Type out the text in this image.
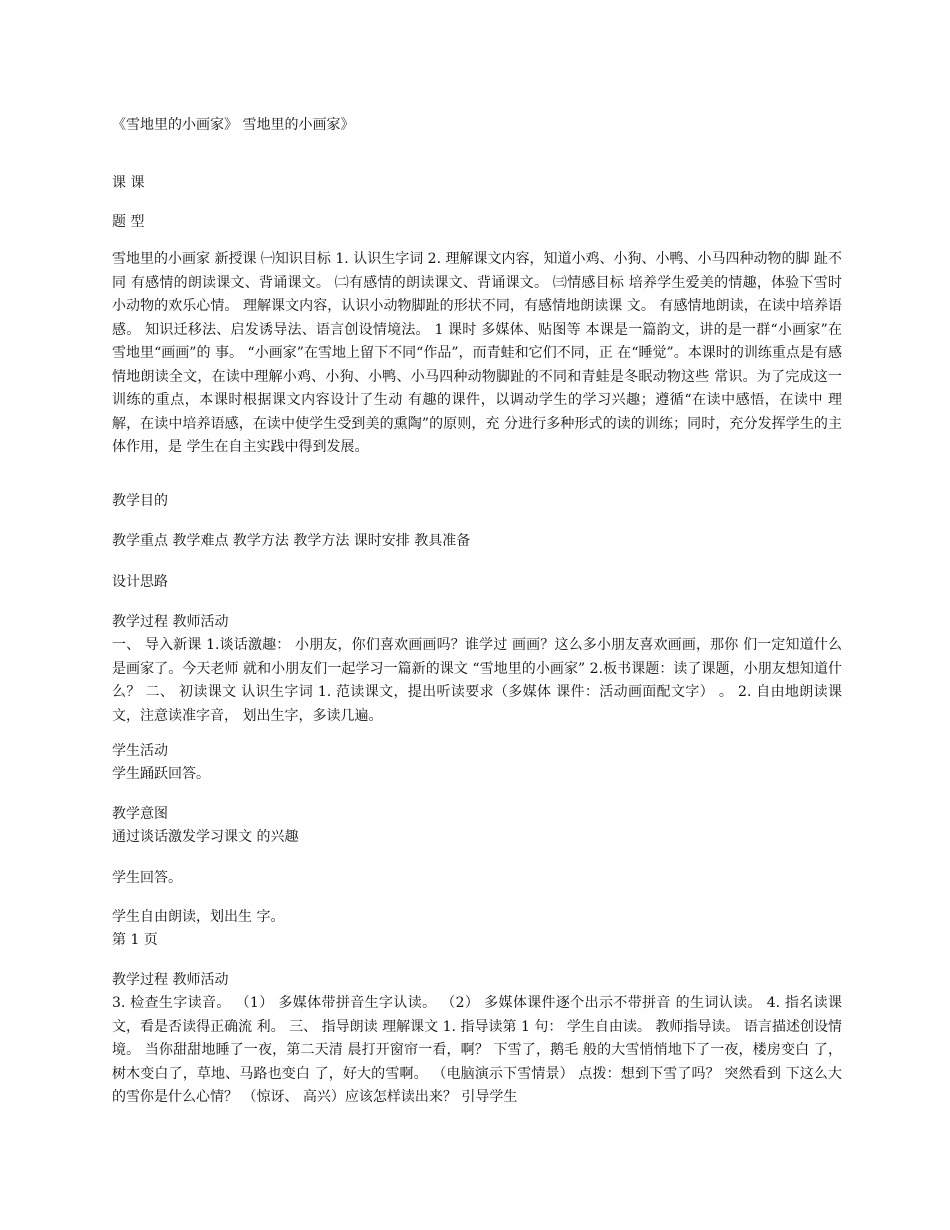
《雪地里的小画家》 雪地里的小画家》

课 课

题 型

雪地里的小画家 新授课 ㈠知识目标 1. 认识生字词 2. 理解课文内容，知道小鸡、小狗、小鸭、小马四种动物的脚 趾不同 有感情的朗读课文、背诵课文。 ㈡有感情的朗读课文、背诵课文。 ㈢情感目标 培养学生爱美的情趣，体验下雪时小动物的欢乐心情。 理解课文内容，认识小动物脚趾的形状不同，有感情地朗读课 文。 有感情地朗读，在读中培养语感。 知识迁移法、启发诱导法、语言创设情境法。 1 课时 多媒体、贴图等 本课是一篇韵文，讲的是一群“小画家”在雪地里“画画”的 事。 “小画家”在雪地上留下不同“作品”，而青蛙和它们不同，正 在“睡觉”。本课时的训练重点是有感情地朗读全文，在读中理解小鸡、小狗、小鸭、小马四种动物脚趾的不同和青蛙是冬眠动物这些 常识。为了完成这一训练的重点，本课时根据课文内容设计了生动 有趣的课件，以调动学生的学习兴趣；遵循“在读中感悟，在读中 理解，在读中培养语感，在读中使学生受到美的熏陶”的原则，充 分进行多种形式的读的训练；同时，充分发挥学生的主体作用，是 学生在自主实践中得到发展。

教学目的

教学重点 教学难点 教学方法 教学方法 课时安排 教具准备

设计思路

教学过程 教师活动

一、 导入新课 1.谈话激趣： 小朋友，你们喜欢画画吗？谁学过 画画？这么多小朋友喜欢画画，那你 们一定知道什么是画家了。今天老师 就和小朋友们一起学习一篇新的课文 “雪地里的小画家” 2.板书课题：读了课题，小朋友想知道什么？ 二、 初读课文 认识生字词 1. 范读课文，提出听读要求（多媒体 课件：活动画面配文字） 。 2. 自由地朗读课文，注意读准字音， 划出生字，多读几遍。

学生活动

学生踊跃回答。

教学意图

通过谈话激发学习课文 的兴趣

学生回答。

学生自由朗读，划出生 字。

第 1 页

教学过程 教师活动

3. 检查生字读音。 （1） 多媒体带拼音生字认读。 （2） 多媒体课件逐个出示不带拼音 的生词认读。 4. 指名读课文，看是否读得正确流 利。 三、 指导朗读 理解课文 1. 指导读第 1 句： 学生自由读。 教师指导读。 语言描述创设情境。 当你甜甜地睡了一夜，第二天清 晨打开窗帘一看，啊？ 下雪了，鹅毛 般的大雪悄悄地下了一夜，楼房变白 了，树木变白了，草地、马路也变白 了，好大的雪啊。 （电脑演示下雪情景） 点拨：想到下雪了吗？ 突然看到 下这么大的雪你是什么心情？ （惊讶、 高兴）应该怎样读出来？ 引导学生
